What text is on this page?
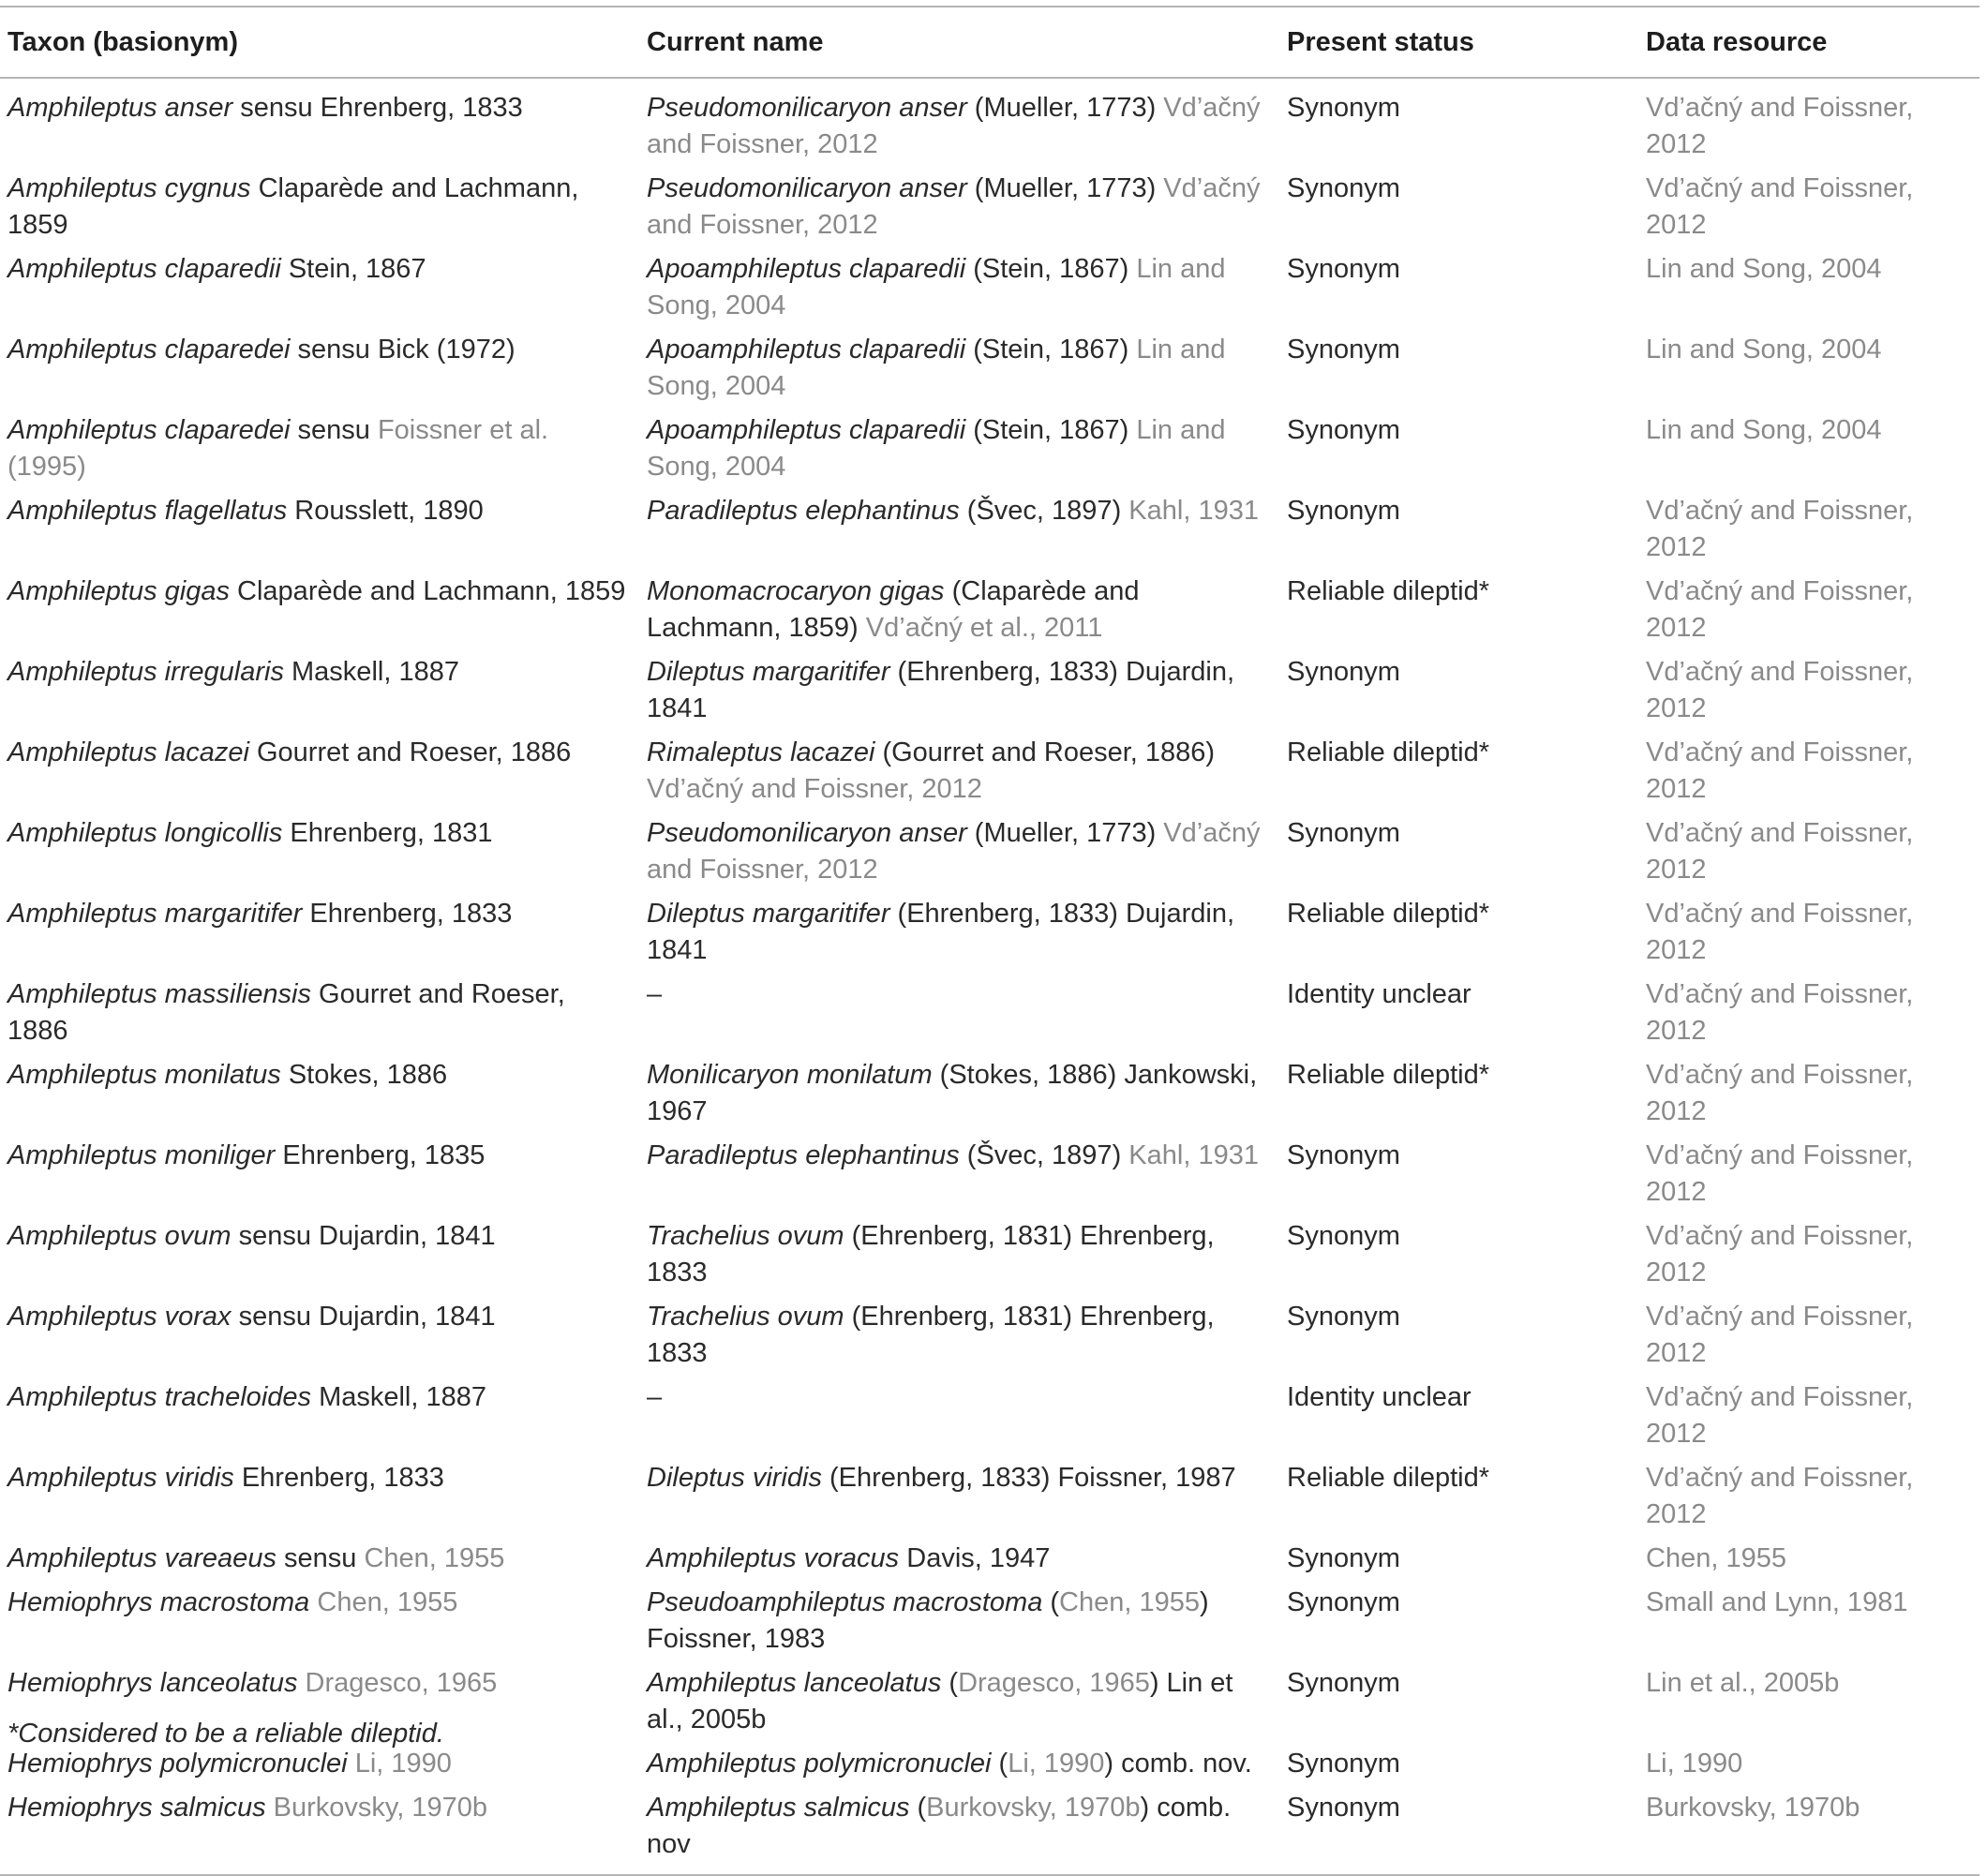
Taxon (basionym)	Current name	Present status	Data resource
Amphileptus anser sensu Ehrenberg, 1833	Pseudomonilicaryon anser (Mueller, 1773) Vd’ačný and Foissner, 2012	Synonym	Vd’ačný and Foissner, 2012
Amphileptus cygnus Claparède and Lachmann, 1859	Pseudomonilicaryon anser (Mueller, 1773) Vd’ačný and Foissner, 2012	Synonym	Vd’ačný and Foissner, 2012
Amphileptus claparedii Stein, 1867	Apoamphileptus claparedii (Stein, 1867) Lin and Song, 2004	Synonym	Lin and Song, 2004
Amphileptus claparedei sensu Bick (1972)	Apoamphileptus claparedii (Stein, 1867) Lin and Song, 2004	Synonym	Lin and Song, 2004
Amphileptus claparedei sensu Foissner et al. (1995)	Apoamphileptus claparedii (Stein, 1867) Lin and Song, 2004	Synonym	Lin and Song, 2004
Amphileptus flagellatus Rousslett, 1890	Paradileptus elephantinus (Švec, 1897) Kahl, 1931	Synonym	Vd’ačný and Foissner, 2012
Amphileptus gigas Claparède and Lachmann, 1859	Monomacrocaryon gigas (Claparède and Lachmann, 1859) Vd’ačný et al., 2011	Reliable dileptid*	Vd’ačný and Foissner, 2012
Amphileptus irregularis Maskell, 1887	Dileptus margaritifer (Ehrenberg, 1833) Dujardin, 1841	Synonym	Vd’ačný and Foissner, 2012
Amphileptus lacazei Gourret and Roeser, 1886	Rimaleptus lacazei (Gourret and Roeser, 1886) Vd’ačný and Foissner, 2012	Reliable dileptid*	Vd’ačný and Foissner, 2012
Amphileptus longicollis Ehrenberg, 1831	Pseudomonilicaryon anser (Mueller, 1773) Vd’ačný and Foissner, 2012	Synonym	Vd’ačný and Foissner, 2012
Amphileptus margaritifer Ehrenberg, 1833	Dileptus margaritifer (Ehrenberg, 1833) Dujardin, 1841	Reliable dileptid*	Vd’ačný and Foissner, 2012
Amphileptus massiliensis Gourret and Roeser, 1886	–	Identity unclear	Vd’ačný and Foissner, 2012
Amphileptus monilatus Stokes, 1886	Monilicaryon monilatum (Stokes, 1886) Jankowski, 1967	Reliable dileptid*	Vd’ačný and Foissner, 2012
Amphileptus moniliger Ehrenberg, 1835	Paradileptus elephantinus (Švec, 1897) Kahl, 1931	Synonym	Vd’ačný and Foissner, 2012
Amphileptus ovum sensu Dujardin, 1841	Trachelius ovum (Ehrenberg, 1831) Ehrenberg, 1833	Synonym	Vd’ačný and Foissner, 2012
Amphileptus vorax sensu Dujardin, 1841	Trachelius ovum (Ehrenberg, 1831) Ehrenberg, 1833	Synonym	Vd’ačný and Foissner, 2012
Amphileptus tracheloides Maskell, 1887	–	Identity unclear	Vd’ačný and Foissner, 2012
Amphileptus viridis Ehrenberg, 1833	Dileptus viridis (Ehrenberg, 1833) Foissner, 1987	Reliable dileptid*	Vd’ačný and Foissner, 2012
Amphileptus vareaeus sensu Chen, 1955	Amphileptus voracus Davis, 1947	Synonym	Chen, 1955
Hemiophrys macrostoma Chen, 1955	Pseudoamphileptus macrostoma (Chen, 1955) Foissner, 1983	Synonym	Small and Lynn, 1981
Hemiophrys lanceolatus Dragesco, 1965	Amphileptus lanceolatus (Dragesco, 1965) Lin et al., 2005b	Synonym	Lin et al., 2005b
Hemiophrys polymicronuclei Li, 1990	Amphileptus polymicronuclei (Li, 1990) comb. nov.	Synonym	Li, 1990
Hemiophrys salmicus Burkovsky, 1970b	Amphileptus salmicus (Burkovsky, 1970b) comb. nov	Synonym	Burkovsky, 1970b
*Considered to be a reliable dileptid.
